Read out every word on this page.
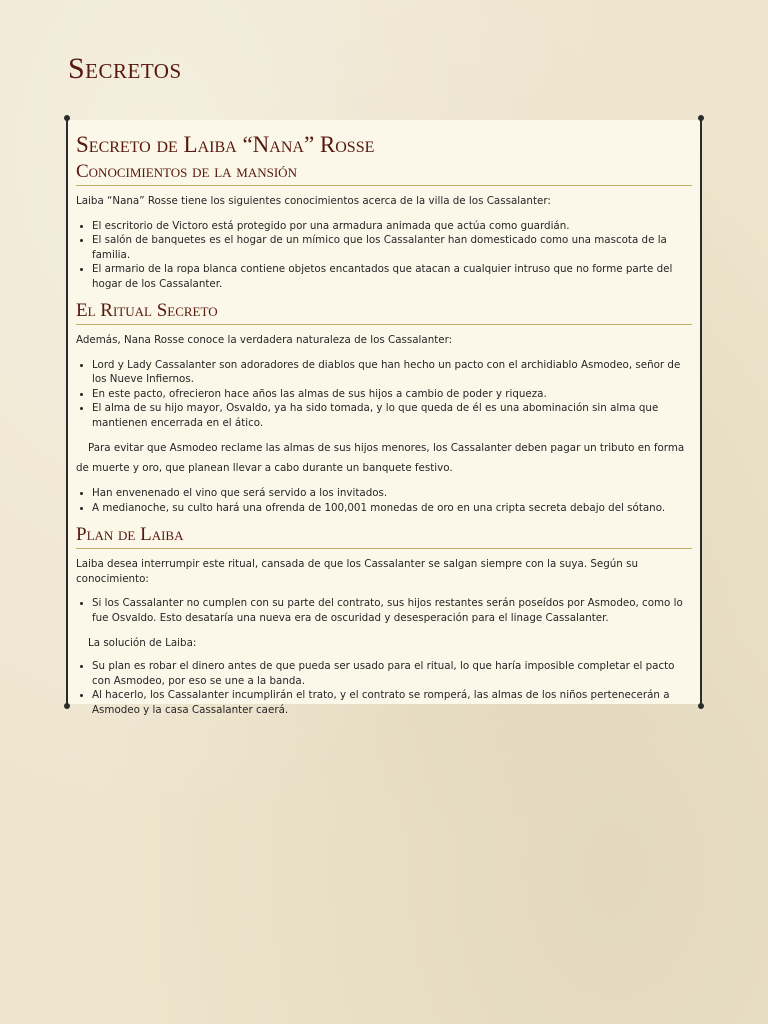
Secretos
Secreto de Laiba “Nana” Rosse
Conocimientos de la mansión

Laiba “Nana” Rosse tiene los siguientes conocimientos acerca de la villa de los Cassalanter:

• El escritorio de Victoro está protegido por una armadura animada que actúa como guardián.
• El salón de banquetes es el hogar de un mímico que los Cassalanter han domesticado como una mascota de la familia.
• El armario de la ropa blanca contiene objetos encantados que atacan a cualquier intruso que no forme parte del hogar de los Cassalanter.
El Ritual Secreto

Además, Nana Rosse conoce la verdadera naturaleza de los Cassalanter:

• Lord y Lady Cassalanter son adoradores de diablos que han hecho un pacto con el archidiablo Asmodeo, señor de los Nueve Infiernos.
• En este pacto, ofrecieron hace años las almas de sus hijos a cambio de poder y riqueza.
• El alma de su hijo mayor, Osvaldo, ya ha sido tomada, y lo que queda de él es una abominación sin alma que mantienen encerrada en el ático.

Para evitar que Asmodeo reclame las almas de sus hijos menores, los Cassalanter deben pagar un tributo en forma de muerte y oro, que planean llevar a cabo durante un banquete festivo.

• Han envenenado el vino que será servido a los invitados.
• A medianoche, su culto hará una ofrenda de 100,001 monedas de oro en una cripta secreta debajo del sótano.
Plan de Laiba

Laiba desea interrumpir este ritual, cansada de que los Cassalanter se salgan siempre con la suya. Según su conocimiento:

• Si los Cassalanter no cumplen con su parte del contrato, sus hijos restantes serán poseídos por Asmodeo, como lo fue Osvaldo. Esto desataría una nueva era de oscuridad y desesperación para el linage Cassalanter.

La solución de Laiba:

• Su plan es robar el dinero antes de que pueda ser usado para el ritual, lo que haría imposible completar el pacto con Asmodeo, por eso se une a la banda.
• Al hacerlo, los Cassalanter incumplirán el trato, y el contrato se romperá, las almas de los niños pertenecerán a Asmodeo y la casa Cassalanter caerá.
